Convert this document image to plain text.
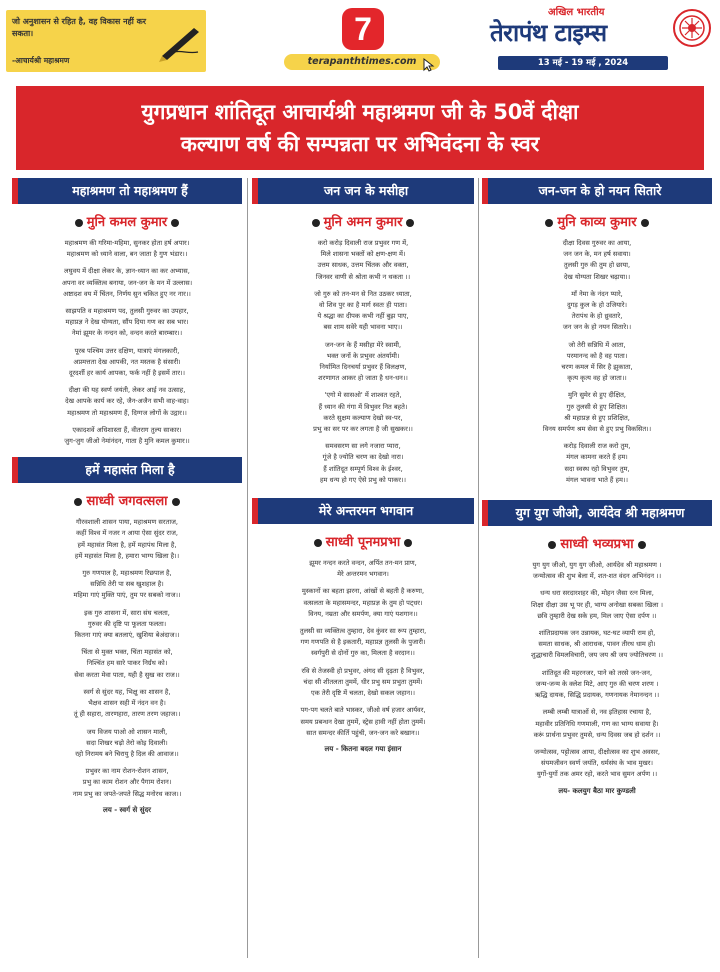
जो अनुशासन से रहित है, वह विकास नहीं कर सकता।
-आचार्यश्री महाश्रमण
7
terapanthtimes.com
अखिल भारतीय
तेरापंथ टाइम्स
13 मई - 19 मई , 2024
युगप्रधान शांतिदूत आचार्यश्री महाश्रमण जी के 50वें दीक्षा
कल्याण वर्ष की सम्पन्नता पर अभिवंदना के स्वर
महाश्रमण तो महाश्रमण हैं
मुनि कमल कुमार
महाश्रमण की गरिमा-महिमा, सुनकर होता हर्ष अपार।
महाश्रमण को ध्याने वाला, बन जाता है गुण भंडार।।
लघुवय में दीक्षा लेकर के, ज्ञान-ध्यान का कर अभ्यास,
अपना वर व्यक्तित्व बनाया, जन-जन के मन में उल्लास।
अष्टादश वय में चिंतन, निर्णय सुन चकित हुए नर नार।।
साझपति व महाश्रमण पद, तुलसी गुरुवर का उपहार,
महाप्रज्ञ ने देख योग्यता, सौंप दिया गण का सब भार।
नेमां झूमर के नन्दन को, वन्दन करते बारम्बार।।
पूरब पश्चिम उत्तर दक्षिण, यात्राएं मंगलकारी,
अप्रमत्तता देख आपकी, नत मस्तक है संसारी।
दूरदर्शी हर कार्य आपका, फर्क नहीं है इसमें तार।।
दीक्षा की यह स्वर्ण जयंती, लेकर आई नव उत्साह,
देख आपके कार्य कर रहे, जैन-अजैन सभी वाह-वाह।
महाश्रमण तो महाश्रमण हैं, दिग्गज लोगों के उद्गार।।
एकादशवें अधिशास्ता हैं, वीतराग तुल्य साकार।
जुग-जुग जीओ नेमांनंदन, गाता है मुनि कमल कुमार।।
हमें महासंत मिला है
साध्वी जगवत्सला
गौरवशाली शासन पाया, महाश्रमण सरताज,
कहीं विश्व में नजर न आया ऐसा सुंदर राज,
हमें महासंत मिला है, हमें महापंथ मिला है,
हमें महासंत मिला है, हमारा भाग्य खिला है।।
गुरु गणपाल है, महाश्रमण रिछपाल है,
सन्निधि तेरी पा सब खुशहाल है।
महिमा गाएं मुक्ति पाएं, तुम पर सबको नाज।।
इक गुरु शासना में, सारा संघ चलता,
गुरुवर की दृष्टि पा फूलता फलता।
कितना गाएं क्या बतलाएं, खुशिया बेअंदाज।।
चिंता से मुक्त भक्त, चिंता महासंत को,
निश्चिंत हम सारे पाकर निर्ग्रंथ को।
सेवा करता मेवा पाता, यही है सुख का राज।।
स्वर्ग से सुंदर यह, भिक्षु का शासन है,
भैक्षव शासन सही में नंदन वन है।
तूं ही सहारा, तारणहारा, तारण तरण जहाज।।
जय विजय पाओ ओ शासन माली,
सदा शिखर चढ़ो तेरो कोइ दिवाली।
रहो निरामय बने चिरायु है दिल की आवाज।।
प्रभुवर का नाम रोशन-रोशन शासन,
प्रभु का काम रोशन और पैगाम रोशन।
नाम प्रभु का जपते-जपते सिद्ध मनोरथ काज।।
लय - स्वर्ग से सुंदर
जन जन के मसीहा
मुनि अमन कुमार
करो करोड़ दिवाली राज प्रभुवर गण में,
मिले शासना भक्तों को क्षण-क्षण में।
उत्तम साधक, उत्तम चिंतक और वक्ता,
जिनवर वाणी से श्रोता कभी न थकता ।।
जो गुरु को तन-मन से नित उठकर ध्याता,
वो शिव पुर का है मार्ग स्वतः ही पाता।
ये श्रद्धा का दीपक कभी नहीं बुझ पाए,
बस शाम सवेरे यही भावना भाए।।
जन-जन के हैं मसीहा मेरे स्वामी,
भक्त जनों के प्रभुवर अंतर्यामी।
निर्यामित दिनचर्या प्रभुवर हैं विलक्षण,
शरणागत आकर हो जाता है धन-धन।।
'एगो मे सासओ' में शाश्वत रहते,
हैं ध्यान की गंगा में विभुवर नित बहते।
करते सुक्षम कल्याण देखो स्व-पर,
प्रभु का सर पर कर लगता है जी सुखकर।।
समवसरण सा लगे नजारा प्यारा,
गूंजे है ज्योति चरण का देखो नारा।
हैं शांतिदूत सम्पूर्ण विश्व के ईश्वर,
हम धन्य हो गए ऐसे प्रभु को पाकर।।
मेरे अन्तरमन भगवान
साध्वी पूनमप्रभा
झूमर नन्दन करते वन्दन, अर्पित तन-मन प्राण,
मेरे अन्तरमन भगवान।
मुस्कानों का बहता झरना, आंखों से बहती है करुणा,
वत्सलता के महासमन्दर, महाप्रज्ञ के तुम हो पट्धर।
विनय, नम्रता और समर्पण, क्या गाएं यशगान।।
तुलसी सा व्यक्तित्व तुम्हारा, देव कुंवर सा रूप तुम्हारा,
गण गणपति से है इकतारी, महाप्रज्ञ तुलसी के पुजारी।
स्वर्गपुरी से दोनों गुरु का, मिलता है वरदान।।
रवि से तेजस्वी हो प्रभुवर, अंगद सी दृढ़ता है विभुवर,
चंदा सी शीतलता तुममें, धीर प्रभु सम प्रभुता तुममें।
एक तेरी दृष्टि में चलता, देखो सकल जहान।।
पग-पग चलते बाते भास्कर, जीओ वर्ष हजार आर्यवर,
समय प्रबन्धन देखा तुममें, स्ट्रेस हावी नहीं होता तुममें।
सात समन्दर कीर्ति पहुंची, जन-जन करे बखान।।
लय - कितना बदल गया इंसान
जन-जन के हो नयन सितारे
मुनि काव्य कुमार
दीक्षा दिवस गुरुवर का आया,
जन जन के, मन हर्ष सवाया।
तुलसी गुरु की तुम हो छाया,
देख योग्यता शिखर चढ़ाया।।
माँ नेमा के नंदन प्यारे,
दुगड़ कुल के हो उजियारे।
तेरापंथ के हो ध्रुवतारे,
जन जन के हो नयन सितारे।।
जो तेरी सन्निधि में आता,
परमानन्द को है वह पाता।
चरण कमल में सिर है झुकाता,
कृत्य कृत्य वह हो जाता।।
मुनि सुमेर से हुए दीक्षित,
गुरु तुलसी से हुए शिक्षित।
श्री महाप्रज्ञ से हुए प्रशिक्षित,
विनय समर्पण श्रम सेवा से हुए प्रभु विकसित।।
करोड़ दिवाली राज करो तुम,
मंगल कामना करते हैं हम।
सदा स्वस्थ रहो विभुवर तुम,
मंगल भावना भाते हैं हम।।
युग युग जीओ, आर्यदेव श्री महाश्रमण
साध्वी भव्यप्रभा
युग युग जीओ, युग युग जीओ, आर्यदेव श्री महाश्रमण ।
जन्मोत्सव की शुभ बेला में, शत-शत वंदन अभिनंदन ।।
धन्य धरा सरदारशहर की, मोहन जैसा रत्न मिला,
शिक्षा दीक्षा उस भू पर ही, भाग्य अनोखा सबका खिला ।
छवि तुम्हारी देख सके हम, मिल जाए ऐसा दर्पण ।।
शांतिप्रदायक जन उन्नायक, घट-घट व्यापी राम हो,
समता साधक, श्री आराधक, पावन तीरथ धाम हो।
शुद्धाचारी विमलविचारी, जय जय श्री जय ज्योतिचरण ।।
शांतिदूत की महरनजर, पाने को तरसे जन-जन,
जन्म-जन्म के क्लेश मिटे, आए गुरु की चरण शरण ।
ऋद्धि दायक, सिद्धि प्रदायक, गणनायक नेमानन्दन ।।
लम्बी लम्बी यात्राओं से, नव इतिहास रचाया है,
महावीर प्रतिनिधि गणमाली, गण का भाग्य सवाया है।
करूं प्रार्थना प्रभुवर तुमसे, धन्य दिवस जब हो दर्शन ।।
जन्मोत्सव, पट्टोत्सव आया, दीक्षोत्सव का शुभ अवसर,
संयमजीवन स्वर्ण जयंति, धर्मसंघ के भाव मुखर।
युगों-युगों तक अमर रहो, करते भाव सुमन अर्पण ।।
लय- कलयुग बैठा मार कुण्डली
